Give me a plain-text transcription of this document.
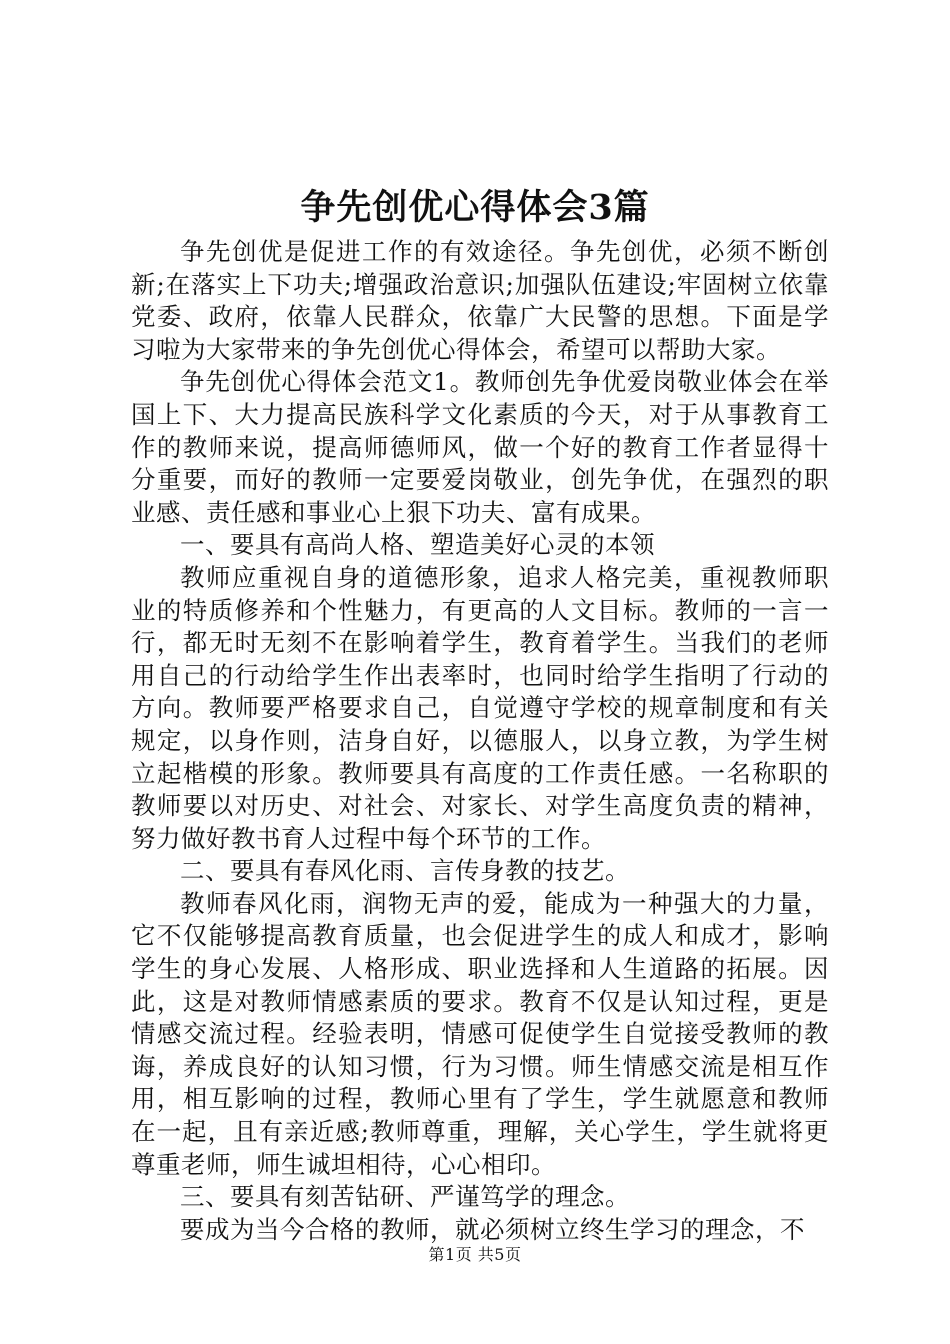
争先创优心得体会3篇

争先创优是促进工作的有效途径。争先创优，必须不断创新;在落实上下功夫;增强政治意识;加强队伍建设;牢固树立依靠党委、政府，依靠人民群众，依靠广大民警的思想。下面是学习啦为大家带来的争先创优心得体会，希望可以帮助大家。

争先创优心得体会范文1。教师创先争优爱岗敬业体会在举国上下、大力提高民族科学文化素质的今天，对于从事教育工作的教师来说，提高师德师风，做一个好的教育工作者显得十分重要，而好的教师一定要爱岗敬业，创先争优，在强烈的职业感、责任感和事业心上狠下功夫、富有成果。

一、要具有高尚人格、塑造美好心灵的本领

教师应重视自身的道德形象，追求人格完美，重视教师职业的特质修养和个性魅力，有更高的人文目标。教师的一言一行，都无时无刻不在影响着学生，教育着学生。当我们的老师用自己的行动给学生作出表率时，也同时给学生指明了行动的方向。教师要严格要求自己，自觉遵守学校的规章制度和有关规定，以身作则，洁身自好，以德服人，以身立教，为学生树立起楷模的形象。教师要具有高度的工作责任感。一名称职的教师要以对历史、对社会、对家长、对学生高度负责的精神，努力做好教书育人过程中每个环节的工作。

二、要具有春风化雨、言传身教的技艺。

教师春风化雨，润物无声的爱，能成为一种强大的力量，它不仅能够提高教育质量，也会促进学生的成人和成才，影响学生的身心发展、人格形成、职业选择和人生道路的拓展。因此，这是对教师情感素质的要求。教育不仅是认知过程，更是情感交流过程。经验表明，情感可促使学生自觉接受教师的教诲，养成良好的认知习惯，行为习惯。师生情感交流是相互作用，相互影响的过程，教师心里有了学生，学生就愿意和教师在一起，且有亲近感;教师尊重，理解，关心学生，学生就将更尊重老师，师生诚坦相待，心心相印。

三、要具有刻苦钻研、严谨笃学的理念。

要成为当今合格的教师，就必须树立终生学习的理念，不

第1页 共5页
